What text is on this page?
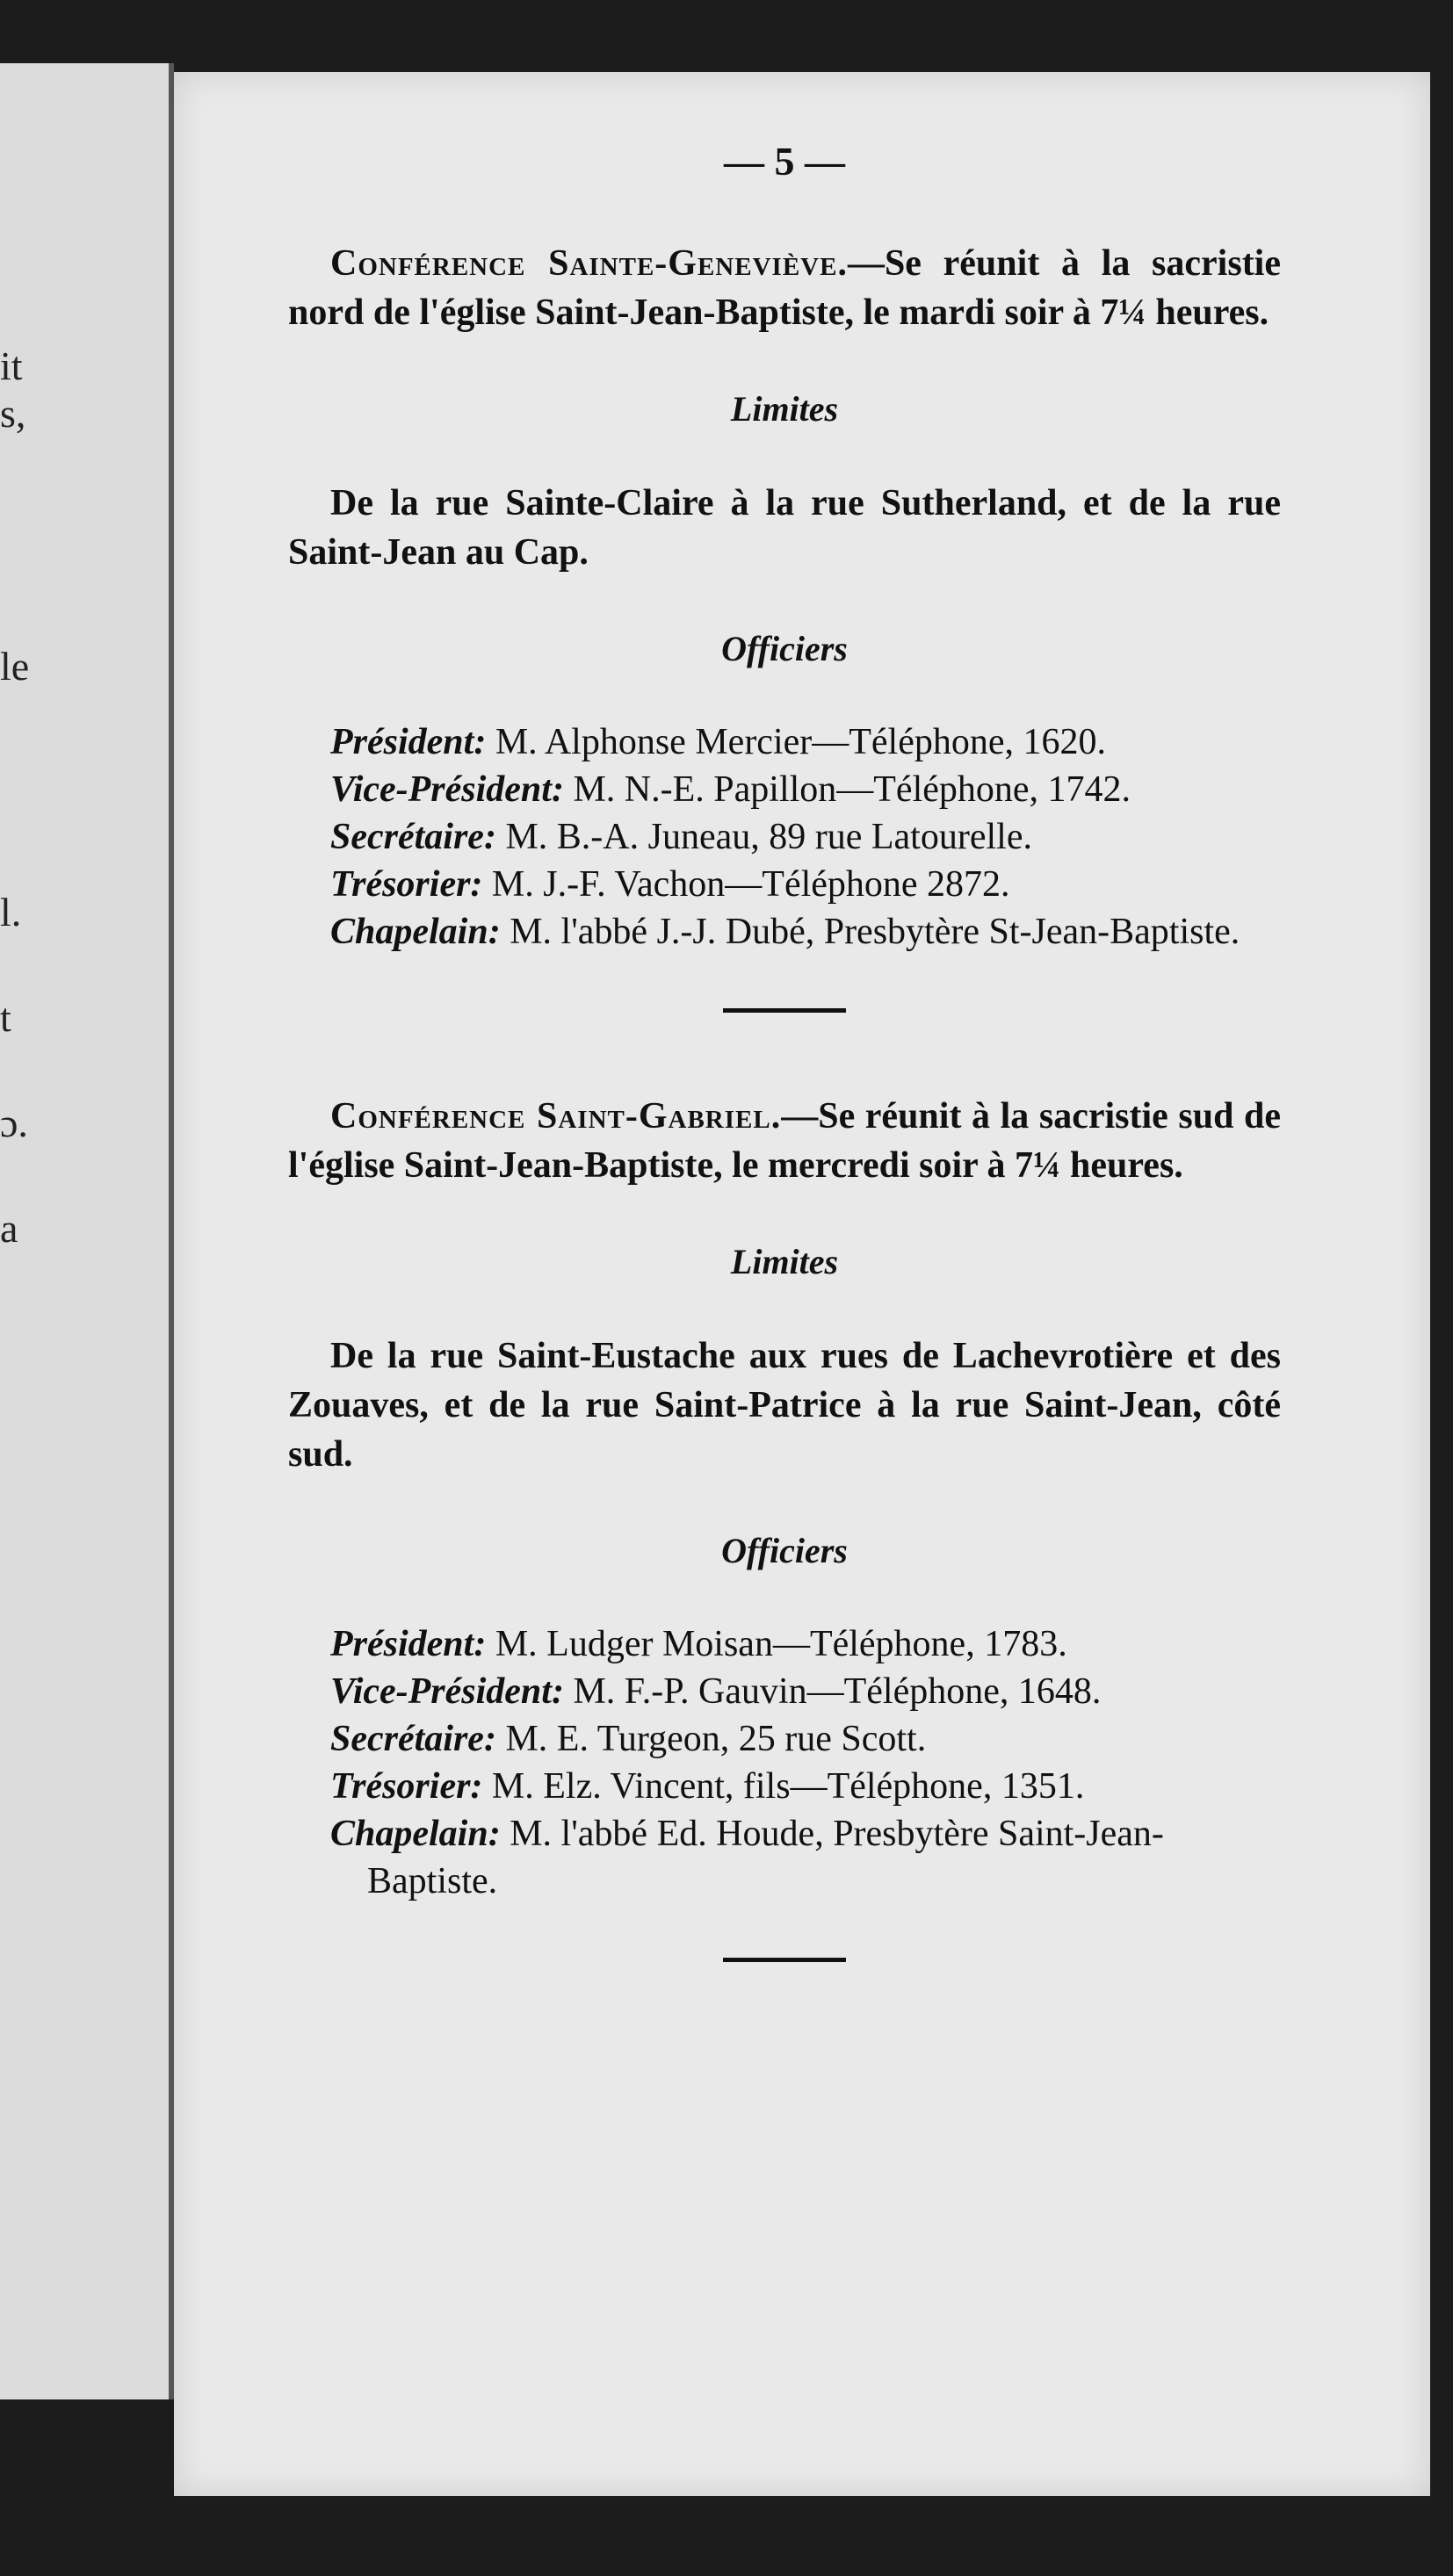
it
s,
le
l.
t
ɔ.
a
— 5 —

Conférence Sainte-Geneviève.—Se réunit à la sacristie nord de l'église Saint-Jean-Baptiste, le mardi soir à 7¼ heures.

Limites

De la rue Sainte-Claire à la rue Sutherland, et de la rue Saint-Jean au Cap.

Officiers
Président: M. Alphonse Mercier—Téléphone, 1620.
Vice-Président: M. N.-E. Papillon—Téléphone, 1742.
Secrétaire: M. B.-A. Juneau, 89 rue Latourelle.
Trésorier: M. J.-F. Vachon—Téléphone 2872.
Chapelain: M. l'abbé J.-J. Dubé, Presbytère St-Jean-Baptiste.

Conférence Saint-Gabriel.—Se réunit à la sacristie sud de l'église Saint-Jean-Baptiste, le mercredi soir à 7¼ heures.

Limites

De la rue Saint-Eustache aux rues de Lachevrotière et des Zouaves, et de la rue Saint-Patrice à la rue Saint-Jean, côté sud.

Officiers
Président: M. Ludger Moisan—Téléphone, 1783.
Vice-Président: M. F.-P. Gauvin—Téléphone, 1648.
Secrétaire: M. E. Turgeon, 25 rue Scott.
Trésorier: M. Elz. Vincent, fils—Téléphone, 1351.
Chapelain: M. l'abbé Ed. Houde, Presbytère Saint-Jean-Baptiste.
